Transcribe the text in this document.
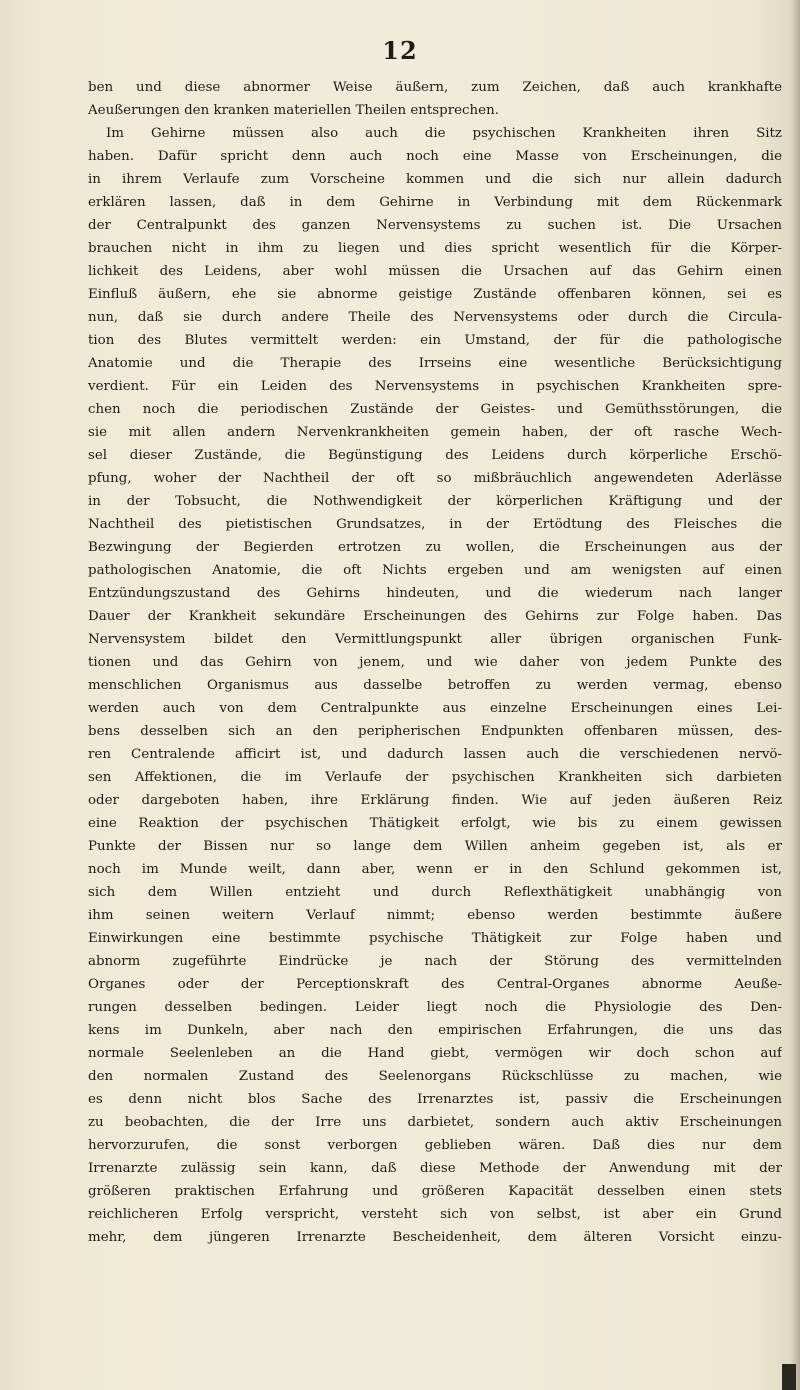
12
ben und diese abnormer Weise äußern, zum Zeichen, daß auch krankhafte
Aeußerungen den kranken materiellen Theilen entsprechen.
Im Gehirne müssen also auch die psychischen Krankheiten ihren Sitz
haben. Dafür spricht denn auch noch eine Masse von Erscheinungen, die
in ihrem Verlaufe zum Vorscheine kommen und die sich nur allein dadurch
erklären lassen, daß in dem Gehirne in Verbindung mit dem Rückenmark
der Centralpunkt des ganzen Nervensystems zu suchen ist. Die Ursachen
brauchen nicht in ihm zu liegen und dies spricht wesentlich für die Körper-
lichkeit des Leidens, aber wohl müssen die Ursachen auf das Gehirn einen
Einfluß äußern, ehe sie abnorme geistige Zustände offenbaren können, sei es
nun, daß sie durch andere Theile des Nervensystems oder durch die Circula-
tion des Blutes vermittelt werden: ein Umstand, der für die pathologische
Anatomie und die Therapie des Irrseins eine wesentliche Berücksichtigung
verdient. Für ein Leiden des Nervensystems in psychischen Krankheiten spre-
chen noch die periodischen Zustände der Geistes- und Gemüthsstörungen, die
sie mit allen andern Nervenkrankheiten gemein haben, der oft rasche Wech-
sel dieser Zustände, die Begünstigung des Leidens durch körperliche Erschö-
pfung, woher der Nachtheil der oft so mißbräuchlich angewendeten Aderlässe
in der Tobsucht, die Nothwendigkeit der körperlichen Kräftigung und der
Nachtheil des pietistischen Grundsatzes, in der Ertödtung des Fleisches die
Bezwingung der Begierden ertrotzen zu wollen, die Erscheinungen aus der
pathologischen Anatomie, die oft Nichts ergeben und am wenigsten auf einen
Entzündungszustand des Gehirns hindeuten, und die wiederum nach langer
Dauer der Krankheit sekundäre Erscheinungen des Gehirns zur Folge haben. Das
Nervensystem bildet den Vermittlungspunkt aller übrigen organischen Funk-
tionen und das Gehirn von jenem, und wie daher von jedem Punkte des
menschlichen Organismus aus dasselbe betroffen zu werden vermag, ebenso
werden auch von dem Centralpunkte aus einzelne Erscheinungen eines Lei-
bens desselben sich an den peripherischen Endpunkten offenbaren müssen, des-
ren Centralende afficirt ist, und dadurch lassen auch die verschiedenen nervö-
sen Affektionen, die im Verlaufe der psychischen Krankheiten sich darbieten
oder dargeboten haben, ihre Erklärung finden. Wie auf jeden äußeren Reiz
eine Reaktion der psychischen Thätigkeit erfolgt, wie bis zu einem gewissen
Punkte der Bissen nur so lange dem Willen anheim gegeben ist, als er
noch im Munde weilt, dann aber, wenn er in den Schlund gekommen ist,
sich dem Willen entzieht und durch Reflexthätigkeit unabhängig von
ihm seinen weitern Verlauf nimmt; ebenso werden bestimmte äußere
Einwirkungen eine bestimmte psychische Thätigkeit zur Folge haben und
abnorm zugeführte Eindrücke je nach der Störung des vermittelnden
Organes oder der Perceptionskraft des Central-Organes abnorme Aeuße-
rungen desselben bedingen. Leider liegt noch die Physiologie des Den-
kens im Dunkeln, aber nach den empirischen Erfahrungen, die uns das
normale Seelenleben an die Hand giebt, vermögen wir doch schon auf
den normalen Zustand des Seelenorgans Rückschlüsse zu machen, wie
es denn nicht blos Sache des Irrenarztes ist, passiv die Erscheinungen
zu beobachten, die der Irre uns darbietet, sondern auch aktiv Erscheinungen
hervorzurufen, die sonst verborgen geblieben wären. Daß dies nur dem
Irrenarzte zulässig sein kann, daß diese Methode der Anwendung mit der
größeren praktischen Erfahrung und größeren Kapacität desselben einen stets
reichlicheren Erfolg verspricht, versteht sich von selbst, ist aber ein Grund
mehr, dem jüngeren Irrenarzte Bescheidenheit, dem älteren Vorsicht einzu-
